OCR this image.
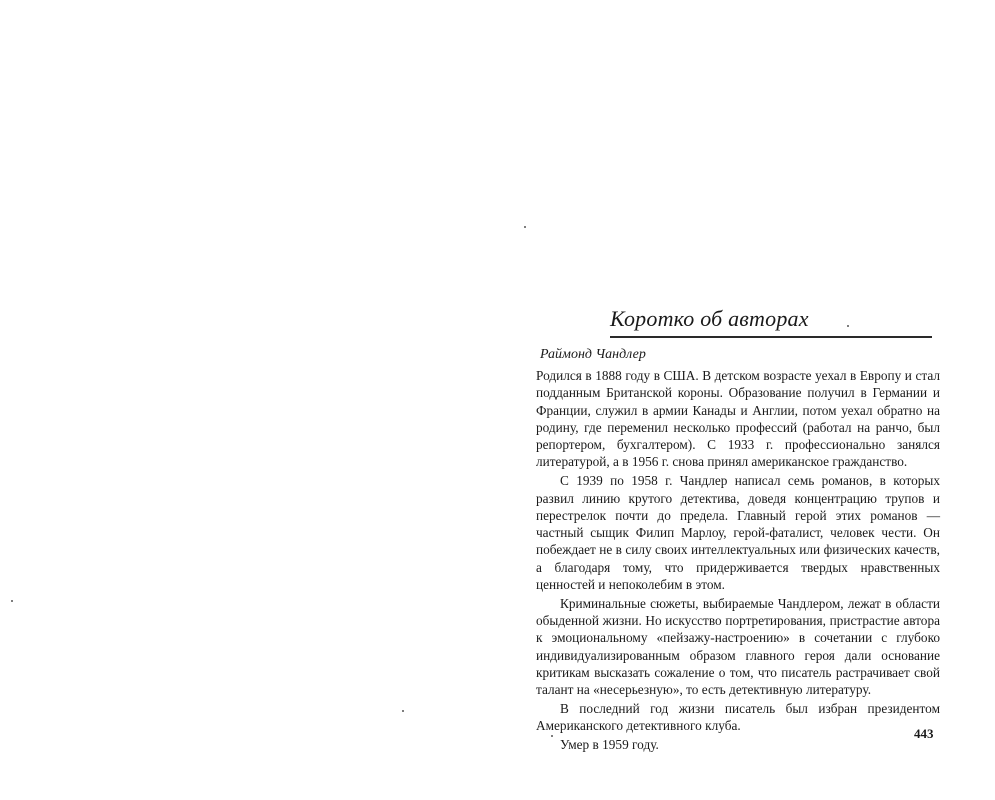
Коротко об авторах
Раймонд Чандлер

Родился в 1888 году в США. В детском возрасте уехал в Европу и стал подданным Британской короны. Образование получил в Германии и Франции, служил в армии Канады и Англии, потом уехал обратно на родину, где переменил несколько профессий (работал на ранчо, был репортером, бухгалтером). С 1933 г. профессионально занялся литературой, а в 1956 г. снова принял американское гражданство.

С 1939 по 1958 г. Чандлер написал семь романов, в которых развил линию крутого детектива, доведя концентрацию трупов и перестрелок почти до предела. Главный герой этих романов — частный сыщик Филип Марлоу, герой-фаталист, человек чести. Он побеждает не в силу своих интеллектуальных или физических качеств, а благодаря тому, что придерживается твердых нравственных ценностей и непоколебим в этом.

Криминальные сюжеты, выбираемые Чандлером, лежат в области обыденной жизни. Но искусство портретирования, пристрастие автора к эмоциональному «пейзажу-настроению» в сочетании с глубоко индивидуализированным образом главного героя дали основание критикам высказать сожаление о том, что писатель растрачивает свой талант на «несерьезную», то есть детективную литературу.

В последний год жизни писатель был избран президентом Американского детективного клуба.

Умер в 1959 году.

443
